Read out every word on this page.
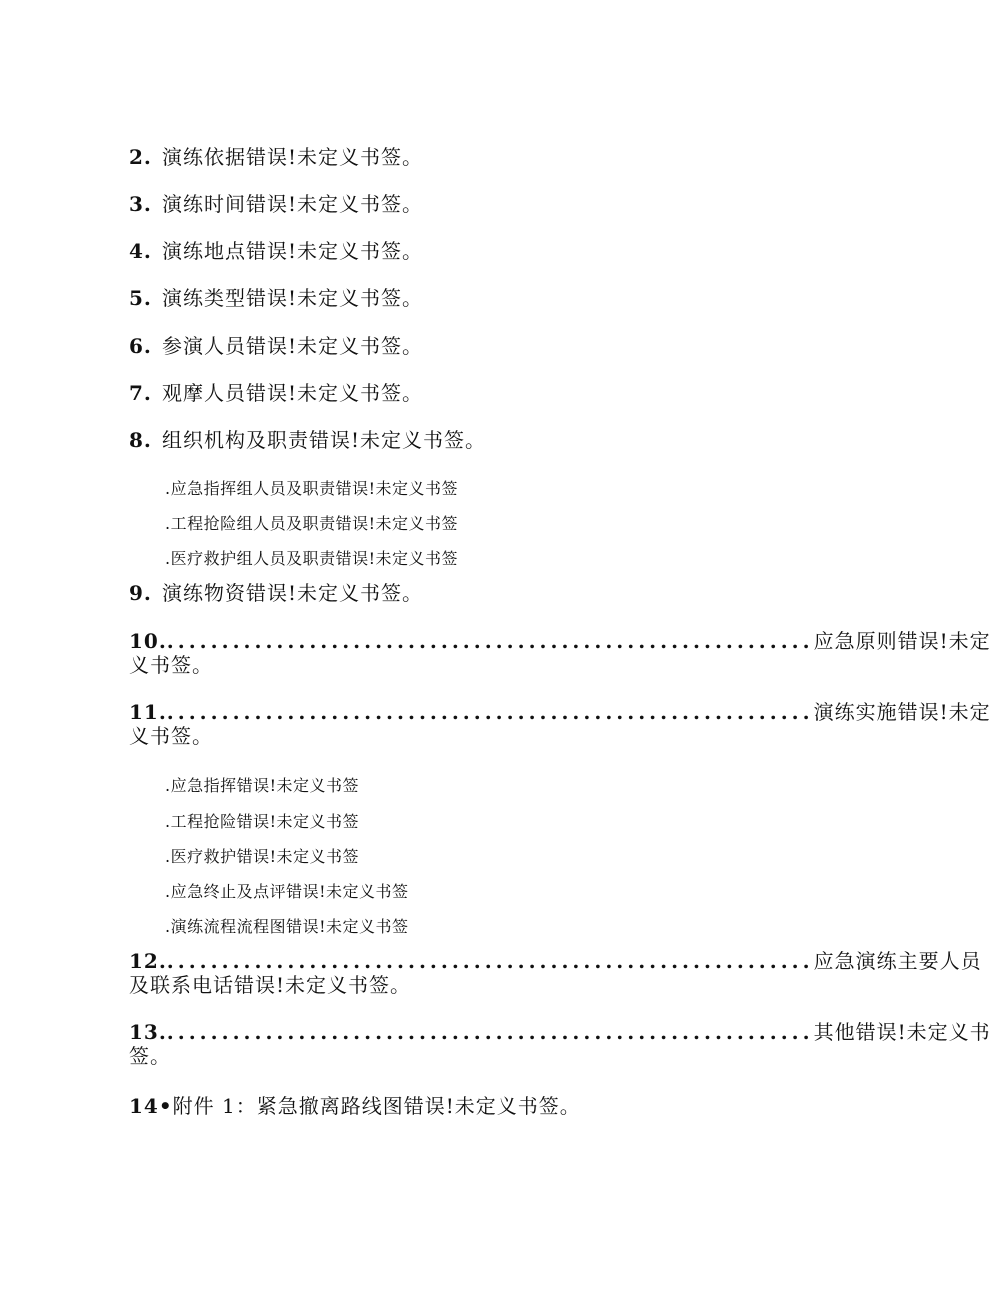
2. 演练依据错误!未定义书签。
3. 演练时间错误!未定义书签。
4. 演练地点错误!未定义书签。
5. 演练类型错误!未定义书签。
6. 参演人员错误!未定义书签。
7. 观摩人员错误!未定义书签。
8. 组织机构及职责错误!未定义书签。
.应急指挥组人员及职责错误!未定义书签
.工程抢险组人员及职责错误!未定义书签
.医疗救护组人员及职责错误!未定义书签
9. 演练物资错误!未定义书签。
10. ........................................................... 应急原则错误!未定
义书签。
11. ........................................................... 演练实施错误!未定
义书签。
.应急指挥错误!未定义书签
.工程抢险错误!未定义书签
.医疗救护错误!未定义书签
.应急终止及点评错误!未定义书签
.演练流程流程图错误!未定义书签
12. ........................................................... 应急演练主要人员
及联系电话错误!未定义书签。
13. ........................................................... 其他错误!未定义书
签。
14•附件 1：紧急撤离路线图错误!未定义书签。
